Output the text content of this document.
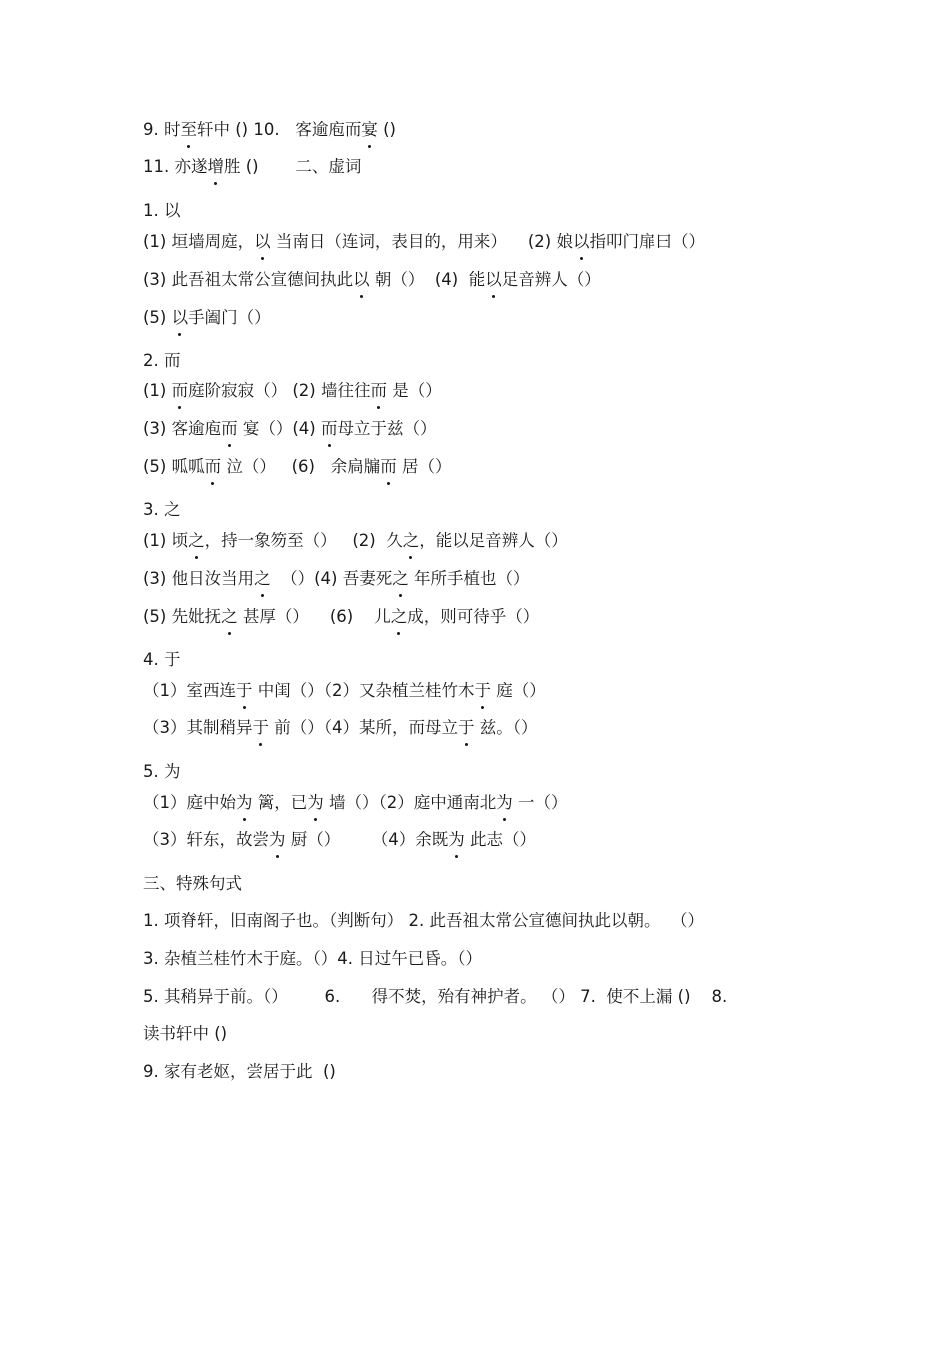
9. 时至轩中 () 10.   客逾庖而宴 ()
11. 亦遂增胜 ()       二、虚词
1. 以
(1) 垣墙周庭，以 当南日（连词，表目的，用来）    (2) 娘以指叩门扉曰（）
(3) 此吾祖太常公宣德间执此以 朝（）  (4)  能以足音辨人（）
(5) 以手阖门（）
2. 而
(1) 而庭阶寂寂（） (2) 墙往往而 是（）
(3) 客逾庖而 宴（）(4) 而母立于兹（）
(5) 呱呱而 泣（）   (6)   余扃牖而 居（）
3. 之
(1) 顷之，持一象笏至（）   (2)  久之，能以足音辨人（）
(3) 他日汝当用之  （）(4) 吾妻死之 年所手植也（）
(5) 先妣抚之 甚厚（）    (6)    儿之成，则可待乎（）
4. 于
（1）室西连于 中闺（）（2）又杂植兰桂竹木于 庭（）
（3）其制稍异于 前（）（4）某所，而母立于 兹。（）
5. 为
（1）庭中始为 篱，已为 墙（）（2）庭中通南北为 一（）
（3）轩东，故尝为 厨（）      （4）余既为 此志（）
三、特殊句式
1. 项脊轩，旧南阁子也。（判断句） 2. 此吾祖太常公宣德间执此以朝。  （）
3. 杂植兰桂竹木于庭。（）4. 日过午已昏。（）
5. 其稍异于前。（）       6.      得不焚，殆有神护者。 （） 7.  使不上漏 ()    8.
读书轩中 ()
9. 家有老妪，尝居于此  ()
